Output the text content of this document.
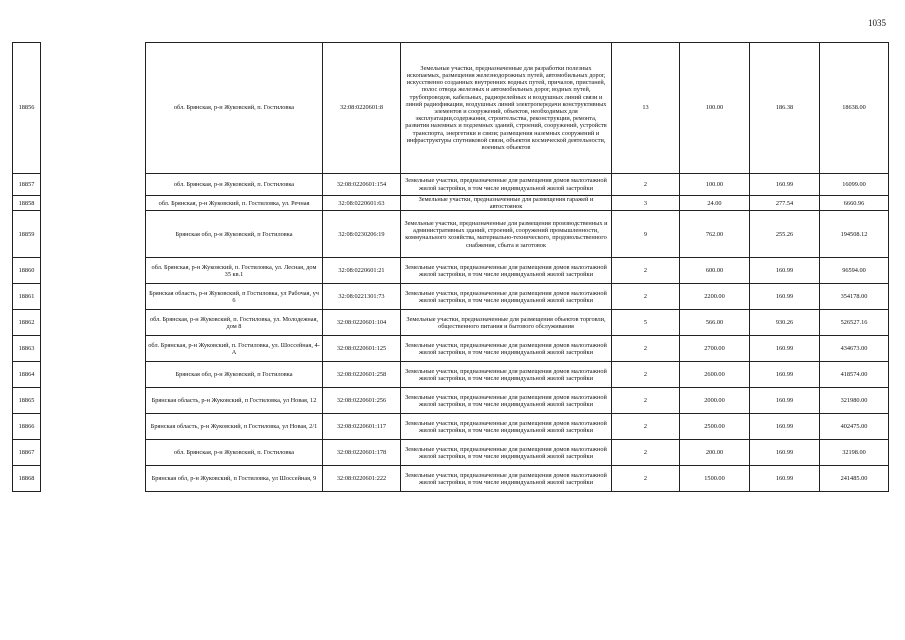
1035
18856		обл. Брянская, р-н Жуковский, п. Гостиловка	32:08:0220601:8	Земельные участки, предназначенные для разработки полезных ископаемых, размещения железнодорожных путей, автомобильных дорог, искусственно созданных внутренних водных путей, причалов, пристаней, полос отвода железных и автомобильных дорог, водных путей, трубопроводов, кабельных, радиорелейных и воздушных линий связи и линий радиофикации, воздушных линий электропередачи конструктивных элементов и сооружений, объектов, необходимых для эксплуатации,содержания, строительства, реконструкции, ремонта, развития наземных и подземных зданий, строений, сооружений, устройств транспорта, энергетики и связи; размещения наземных сооружений и инфраструктуры спутниковой связи, объектов космической деятельности, военных объектов	13	100.00	186.38	18638.00
18857		обл. Брянская, р-н Жуковский, п. Гостиловка	32:08:0220601:154	Земельные участки, предназначенные для размещения домов малоэтажной жилой застройки, в том числе индивидуальной жилой застройки	2	100.00	160.99	16099.00
18858		обл. Брянская, р-н Жуковский, п. Гостиловка, ул. Речная	32:08:0220601:63	Земельные участки, предназначенные для размещения гаражей и автостоянок	3	24.00	277.54	6660.96
18859		Брянская обл, р-н Жуковский, п Гостиловка	32:08:0230206:19	Земельные участки, предназначенные для размещения производственных и административных зданий, строений, сооружений промышленности, коммунального хозяйства, материально-технического, продовольственного снабжения, сбыта и заготовок	9	762.00	255.26	194508.12
18860		обл. Брянская, р-н Жуковский, п. Гостиловка, ул. Лесная, дом 35 кв.1	32:08:0220601:21	Земельные участки, предназначенные для размещения домов малоэтажной жилой застройки, в том числе индивидуальной жилой застройки	2	600.00	160.99	96594.00
18861		Брянская область, р-н Жуковский, п Гостиловка, ул Рабочая, уч 6	32:08:0221301:73	Земельные участки, предназначенные для размещения домов малоэтажной жилой застройки, в том числе индивидуальной жилой застройки	2	2200.00	160.99	354178.00
18862		обл. Брянская, р-н Жуковский, п. Гостиловка, ул. Молодежная, дом 8	32:08:0220601:104	Земельные участки, предназначенные для размещения объектов торговли, общественного питания и бытового обслуживания	5	566.00	930.26	526527.16
18863		обл. Брянская, р-н Жуковский, п. Гостиловка, ул. Шоссейная, 4-А	32:08:0220601:125	Земельные участки, предназначенные для размещения домов малоэтажной жилой застройки, в том числе индивидуальной жилой застройки	2	2700.00	160.99	434673.00
18864		Брянская обл, р-н Жуковский, п Гостиловка	32:08:0220601:258	Земельные участки, предназначенные для размещения домов малоэтажной жилой застройки, в том числе индивидуальной жилой застройки	2	2600.00	160.99	418574.00
18865		Брянская область, р-н Жуковский, п Гостиловка, ул Новая, 12	32:08:0220601:256	Земельные участки, предназначенные для размещения домов малоэтажной жилой застройки, в том числе индивидуальной жилой застройки	2	2000.00	160.99	321980.00
18866		Брянская область, р-н Жуковский, п Гостиловка, ул Новая, 2/1	32:08:0220601:117	Земельные участки, предназначенные для размещения домов малоэтажной жилой застройки, в том числе индивидуальной жилой застройки	2	2500.00	160.99	402475.00
18867		обл. Брянская, р-н Жуковский, п. Гостиловка	32:08:0220601:178	Земельные участки, предназначенные для размещения домов малоэтажной жилой застройки, в том числе индивидуальной жилой застройки	2	200.00	160.99	32198.00
18868		Брянская обл, р-н Жуковский, п Гостиловка, ул Шоссейная, 9	32:08:0220601:222	Земельные участки, предназначенные для размещения домов малоэтажной жилой застройки, в том числе индивидуальной жилой застройки	2	1500.00	160.99	241485.00
